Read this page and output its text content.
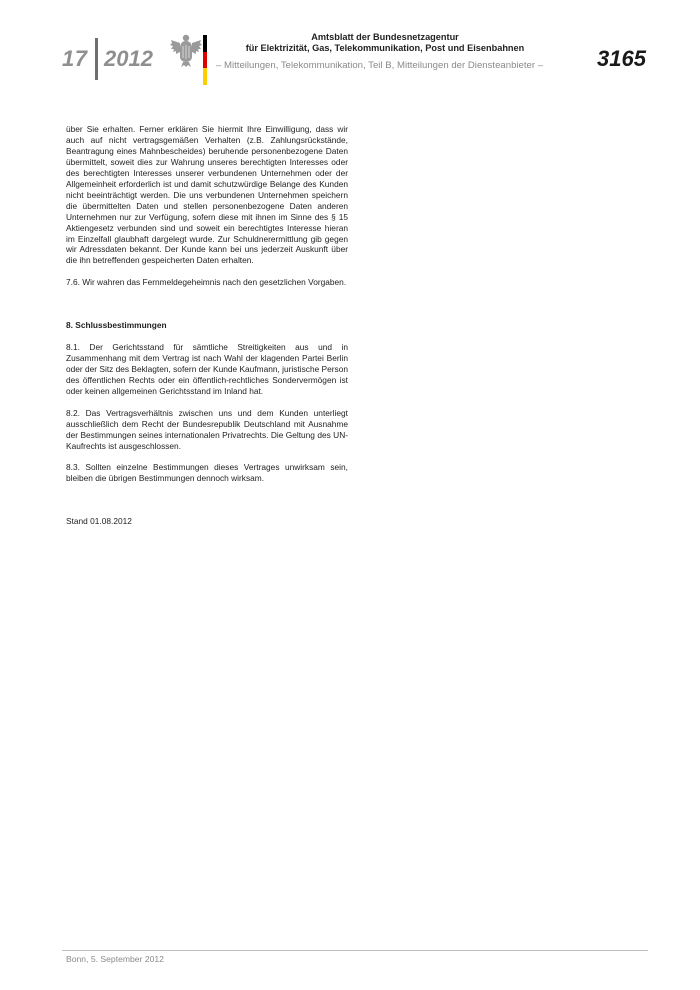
17 2012
Amtsblatt der Bundesnetzagentur
für Elektrizität, Gas, Telekommunikation, Post und Eisenbahnen
– Mitteilungen, Telekommunikation, Teil B, Mitteilungen der Diensteanbieter – 3165

über Sie erhalten. Ferner erklären Sie hiermit Ihre Einwilligung, dass wir auch auf nicht vertragsgemäßen Verhalten (z.B. Zahlungsrückstände, Beantragung eines Mahnbescheides) beruhende personenbezogene Daten übermittelt, soweit dies zur Wahrung unseres berechtigten Interesses oder des berechtigten Interesses unserer verbundenen Unternehmen oder der Allgemeinheit erforderlich ist und damit schutzwürdige Belange des Kunden nicht beeinträchtigt werden. Die uns verbundenen Unternehmen speichern die übermittelten Daten und stellen personenbezogene Daten anderen Unternehmen nur zur Verfügung, sofern diese mit ihnen im Sinne des § 15 Aktiengesetz verbunden sind und soweit ein berechtigtes Interesse hieran im Einzelfall glaubhaft dargelegt wurde. Zur Schuldnerermittlung gib gegen wir Adressdaten bekannt. Der Kunde kann bei uns jederzeit Auskunft über die ihn betreffenden gespeicherten Daten erhalten.

7.6. Wir wahren das Fernmeldegeheimnis nach den gesetzlichen Vorgaben.

8. Schlussbestimmungen

8.1. Der Gerichtsstand für sämtliche Streitigkeiten aus und in Zusammenhang mit dem Vertrag ist nach Wahl der klagenden Partei Berlin oder der Sitz des Beklagten, sofern der Kunde Kaufmann, juristische Person des öffentlichen Rechts oder ein öffentlich-rechtliches Sondervermögen ist oder keinen allgemeinen Gerichtsstand im Inland hat.

8.2. Das Vertragsverhältnis zwischen uns und dem Kunden unterliegt ausschließlich dem Recht der Bundesrepublik Deutschland mit Ausnahme der Bestimmungen seines internationalen Privatrechts. Die Geltung des UN-Kaufrechts ist ausgeschlossen.

8.3. Sollten einzelne Bestimmungen dieses Vertrages unwirksam sein, bleiben die übrigen Bestimmungen dennoch wirksam.

Stand 01.08.2012

Bonn, 5. September 2012
